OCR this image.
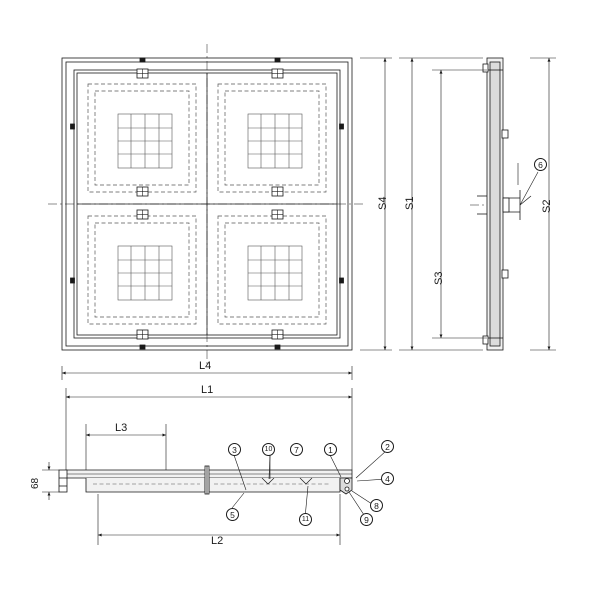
L4
S4 S1
S3
S2
L1
L3
L2
68
1	2
3
4
5
6
7
8
9
10
11
